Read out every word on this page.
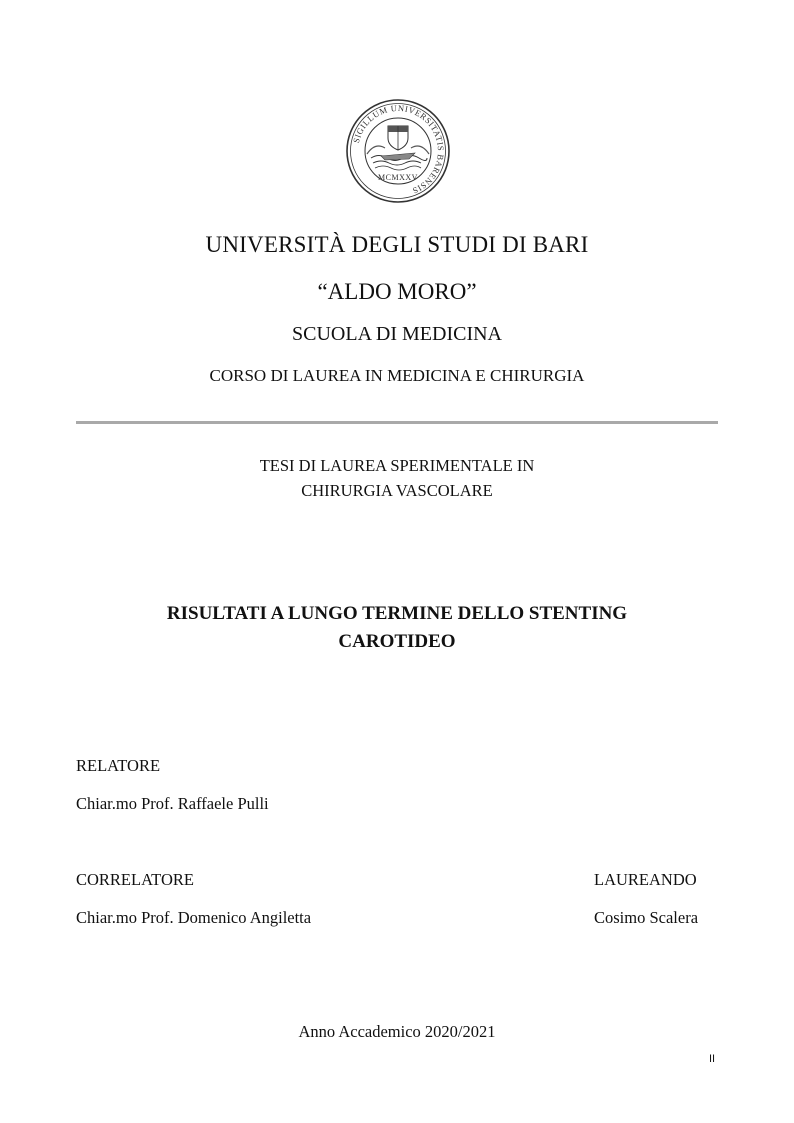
SIGILLUM UNIVERSITATIS BARENSIS
MCMXXV
UNIVERSITÀ DEGLI STUDI DI BARI
“ALDO MORO”
SCUOLA DI MEDICINA
CORSO DI LAUREA IN MEDICINA E CHIRURGIA
TESI DI LAUREA SPERIMENTALE IN
CHIRURGIA VASCOLARE
RISULTATI A LUNGO TERMINE DELLO STENTING
CAROTIDEO
RELATORE
Chiar.mo Prof. Raffaele Pulli
CORRELATORE
Chiar.mo Prof. Domenico Angiletta
LAUREANDO
Cosimo Scalera
Anno Accademico 2020/2021
II
